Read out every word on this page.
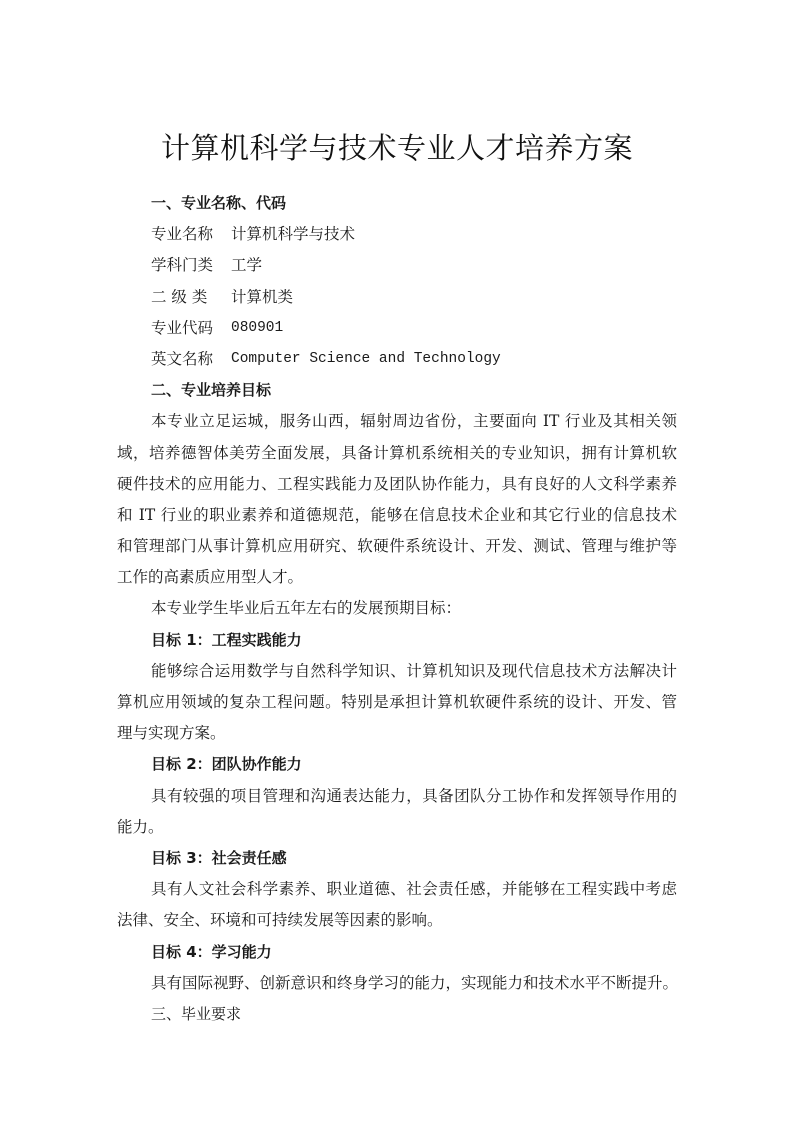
计算机科学与技术专业人才培养方案
一、专业名称、代码
专业名称	计算机科学与技术
学科门类	工学
二 级 类	计算机类
专业代码	080901
英文名称	Computer Science and Technology
二、专业培养目标
本专业立足运城，服务山西，辐射周边省份，主要面向 IT 行业及其相关领
域，培养德智体美劳全面发展，具备计算机系统相关的专业知识，拥有计算机软
硬件技术的应用能力、工程实践能力及团队协作能力，具有良好的人文科学素养
和 IT 行业的职业素养和道德规范，能够在信息技术企业和其它行业的信息技术
和管理部门从事计算机应用研究、软硬件系统设计、开发、测试、管理与维护等
工作的高素质应用型人才。
本专业学生毕业后五年左右的发展预期目标：
目标 1：工程实践能力
能够综合运用数学与自然科学知识、计算机知识及现代信息技术方法解决计
算机应用领域的复杂工程问题。特别是承担计算机软硬件系统的设计、开发、管
理与实现方案。
目标 2：团队协作能力
具有较强的项目管理和沟通表达能力，具备团队分工协作和发挥领导作用的
能力。
目标 3：社会责任感
具有人文社会科学素养、职业道德、社会责任感，并能够在工程实践中考虑
法律、安全、环境和可持续发展等因素的影响。
目标 4：学习能力
具有国际视野、创新意识和终身学习的能力，实现能力和技术水平不断提升。
三、毕业要求
